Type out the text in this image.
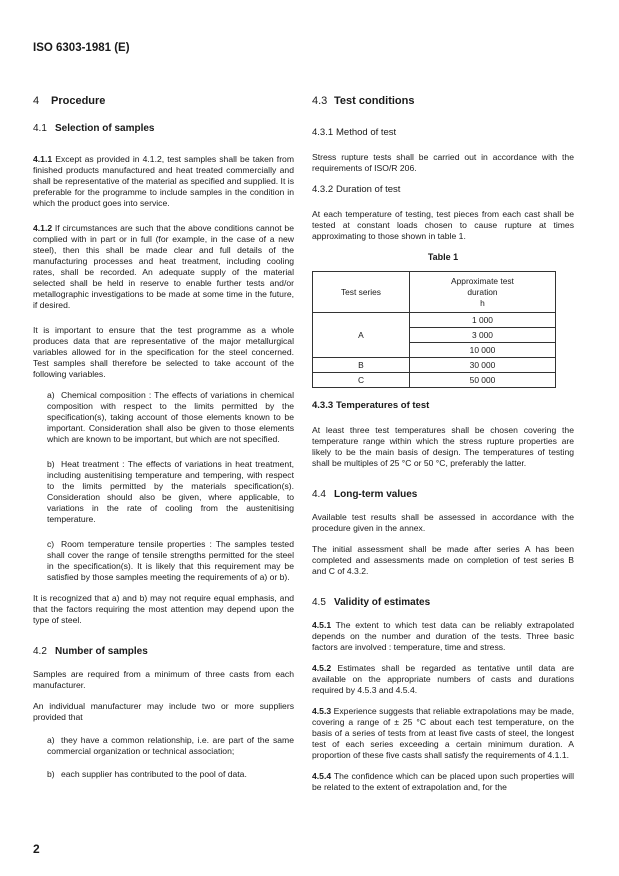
ISO 6303-1981 (E)
4 Procedure
4.1 Selection of samples

4.1.1 Except as provided in 4.1.2, test samples shall be taken from finished products manufactured and heat treated commercially and shall be representative of the material as specified and supplied. It is preferable for the programme to include samples in the condition in which the product goes into service.

4.1.2 If circumstances are such that the above conditions cannot be complied with in part or in full (for example, in the case of a new steel), then this shall be made clear and full details of the manufacturing processes and heat treatment, including cooling rates, shall be recorded. An adequate supply of the material selected shall be held in reserve to enable further tests and/or metallographic investigations to be made at some time in the future, if desired.

It is important to ensure that the test programme as a whole produces data that are representative of the major metallurgical variables allowed for in the specification for the steel concerned. Test samples shall therefore be selected to take account of the following variables.

a) Chemical composition : The effects of variations in chemical composition with respect to the limits permitted by the specification(s), taking account of those elements known to be important. Consideration shall also be given to those elements which are known to be important, but which are not specified.
b) Heat treatment : The effects of variations in heat treatment, including austenitising temperature and tempering, with respect to the limits permitted by the materials specification(s). Consideration should also be given, where applicable, to variations in the rate of cooling from the austenitising temperature.
c) Room temperature tensile properties : The samples tested shall cover the range of tensile strengths permitted for the steel in the specification(s). It is likely that this requirement may be satisfied by those samples meeting the requirements of a) or b).

It is recognized that a) and b) may not require equal emphasis, and that the factors requiring the most attention may depend upon the type of steel.

4.2 Number of samples

Samples are required from a minimum of three casts from each manufacturer.

An individual manufacturer may include two or more suppliers provided that

a) they have a common relationship, i.e. are part of the same commercial organization or technical association;
b) each supplier has contributed to the pool of data.
4.3 Test conditions
4.3.1 Method of test

Stress rupture tests shall be carried out in accordance with the requirements of ISO/R 206.

4.3.2 Duration of test

At each temperature of testing, test pieces from each cast shall be tested at constant loads chosen to cause rupture at times approximating to those shown in table 1.

Table 1
Test series	Approximate test
duration
h

A	1 000
	3 000
	10 000
B	30 000
C	50 000
4.3.3 Temperatures of test

At least three test temperatures shall be chosen covering the temperature range within which the stress rupture properties are likely to be the main basis of design. The temperatures of testing shall be multiples of 25 °C or 50 °C, preferably the latter.

4.4 Long-term values

Available test results shall be assessed in accordance with the procedure given in the annex.

The initial assessment shall be made after series A has been completed and assessments made on completion of test series B and C of 4.3.2.

4.5 Validity of estimates

4.5.1 The extent to which test data can be reliably extrapolated depends on the number and duration of the tests. Three basic factors are involved : temperature, time and stress.

4.5.2 Estimates shall be regarded as tentative until data are available on the appropriate numbers of casts and durations required by 4.5.3 and 4.5.4.

4.5.3 Experience suggests that reliable extrapolations may be made, covering a range of ± 25 °C about each test temperature, on the basis of a series of tests from at least five casts of steel, the longest test of each series exceeding a certain minimum duration. A proportion of these five casts shall satisfy the requirements of 4.1.1.

4.5.4 The confidence which can be placed upon such properties will be related to the extent of extrapolation and, for the

2
